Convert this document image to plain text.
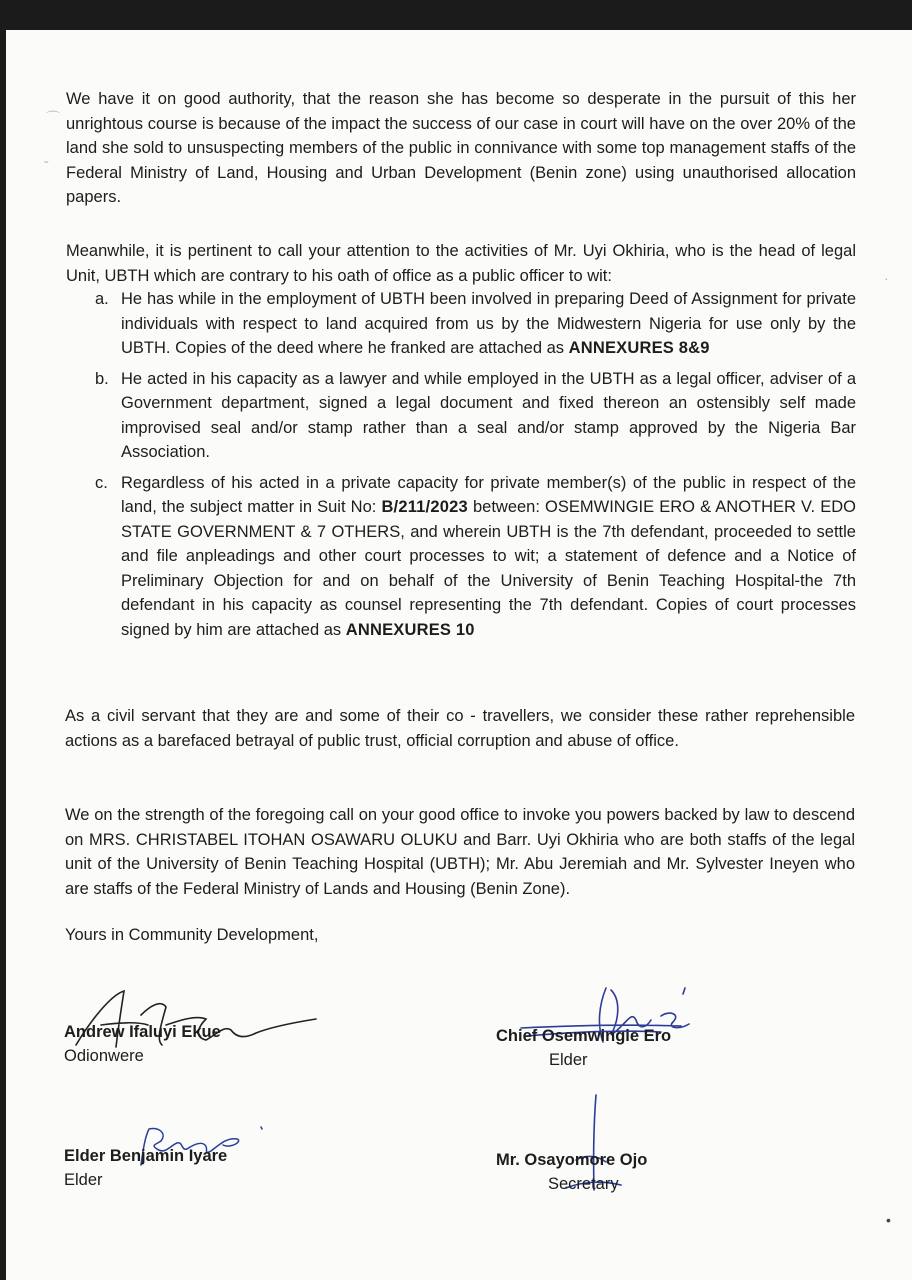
⌒
ˇ

We have it on good authority, that the reason she has become so desperate in the pursuit of this her unrightous course is because of the impact the success of our case in court will have on the over 20% of the land she sold to unsuspecting members of the public in connivance with some top management staffs of the Federal Ministry of Land, Housing and Urban Development (Benin zone) using unauthorised allocation papers.

Meanwhile, it is pertinent to call your attention to the activities of Mr. Uyi Okhiria, who is the head of legal Unit, UBTH which are contrary to his oath of office as a public officer to wit:

a. He has while in the employment of UBTH been involved in preparing Deed of Assignment for private individuals with respect to land acquired from us by the Midwestern Nigeria for use only by the UBTH. Copies of the deed where he franked are attached as ANNEXURES 8&9
b. He acted in his capacity as a lawyer and while employed in the UBTH as a legal officer, adviser of a Government department, signed a legal document and fixed thereon an ostensibly self made improvised seal and/or stamp rather than a seal and/or stamp approved by the Nigeria Bar Association.
c. Regardless of his acted in a private capacity for private member(s) of the public in respect of the land, the subject matter in Suit No: B/211/2023 between: OSEMWINGIE ERO & ANOTHER V. EDO STATE GOVERNMENT & 7 OTHERS, and wherein UBTH is the 7th defendant, proceeded to settle and file anpleadings and other court processes to wit; a statement of defence and a Notice of Preliminary Objection for and on behalf of the University of Benin Teaching Hospital-the 7th defendant in his capacity as counsel representing the 7th defendant. Copies of court processes signed by him are attached as ANNEXURES 10

As a civil servant that they are and some of their co - travellers, we consider these rather reprehensible actions as a barefaced betrayal of public trust, official corruption and abuse of office.

We on the strength of the foregoing call on your good office to invoke you powers backed by law to descend on MRS. CHRISTABEL ITOHAN OSAWARU OLUKU and Barr. Uyi Okhiria who are both staffs of the legal unit of the University of Benin Teaching Hospital (UBTH); Mr. Abu Jeremiah and Mr. Sylvester Ineyen who are staffs of the Federal Ministry of Lands and Housing (Benin Zone).

Yours in Community Development,

Andrew Ifaluyi Ekue
Odionwere
Chief Osemwingie Ero
Elder
Elder Benjamin Iyare
Elder
Mr. Osayomore Ojo
Secretary
·
•
